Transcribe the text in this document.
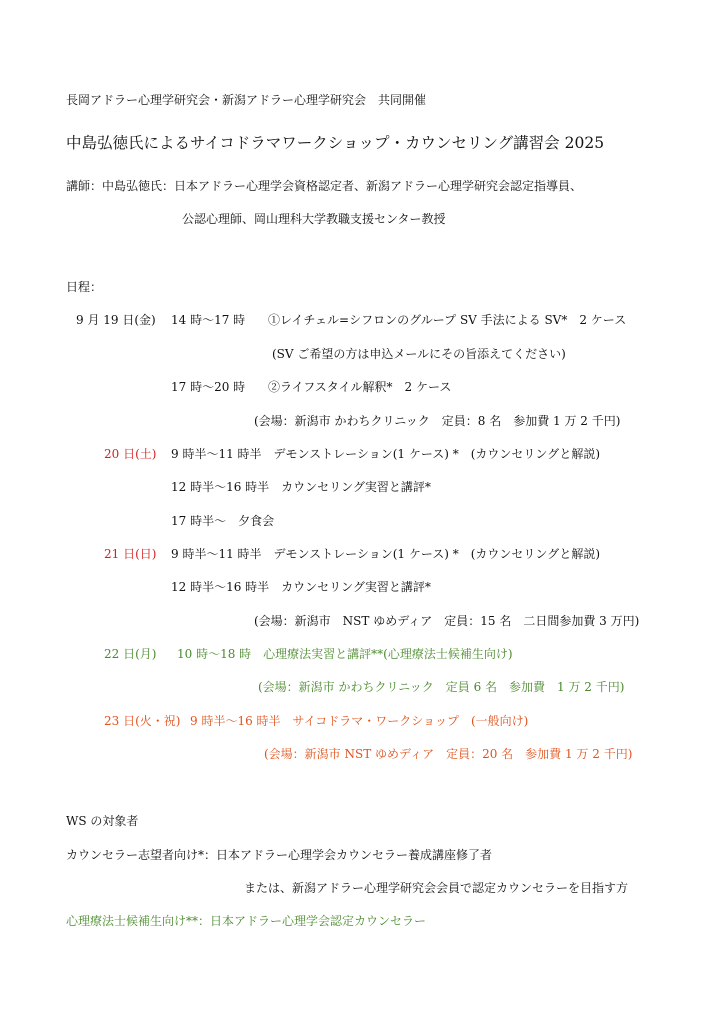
長岡アドラー心理学研究会・新潟アドラー心理学研究会　共同開催
中島弘徳氏によるサイコドラマワークショップ・カウンセリング講習会 2025
講師：中島弘徳氏：日本アドラー心理学会資格認定者、新潟アドラー心理学研究会認定指導員、
公認心理師、岡山理科大学教職支援センター教授
日程：
9 月 19 日(金) 14 時～17 時 ①レイチェル=シフロンのグループ SV 手法による SV*　2 ケース
(SV ご希望の方は申込メールにその旨添えてください)
17 時～20 時 ②ライフスタイル解釈*　2 ケース
(会場：新潟市 かわちクリニック　定員：8 名　参加費 1 万 2 千円)
20 日(土) 9 時半～11 時半　デモンストレーション(1 ケース) *　(カウンセリングと解説)
12 時半～16 時半　カウンセリング実習と講評*
17 時半～　夕食会
21 日(日) 9 時半～11 時半　デモンストレーション(1 ケース) *　(カウンセリングと解説)
12 時半～16 時半　カウンセリング実習と講評*
(会場：新潟市　NST ゆめディア　定員：15 名　二日間参加費 3 万円)
22 日(月) 10 時～18 時　心理療法実習と講評**(心理療法士候補生向け)
(会場：新潟市 かわちクリニック　定員 6 名　参加費　1 万 2 千円)
23 日(火・祝) 9 時半～16 時半　サイコドラマ・ワークショップ　(一般向け)
(会場：新潟市 NST ゆめディア　定員：20 名　参加費 1 万 2 千円)
WS の対象者
カウンセラー志望者向け*：日本アドラー心理学会カウンセラー養成講座修了者
または、新潟アドラー心理学研究会会員で認定カウンセラーを目指す方
心理療法士候補生向け**：日本アドラー心理学会認定カウンセラー
